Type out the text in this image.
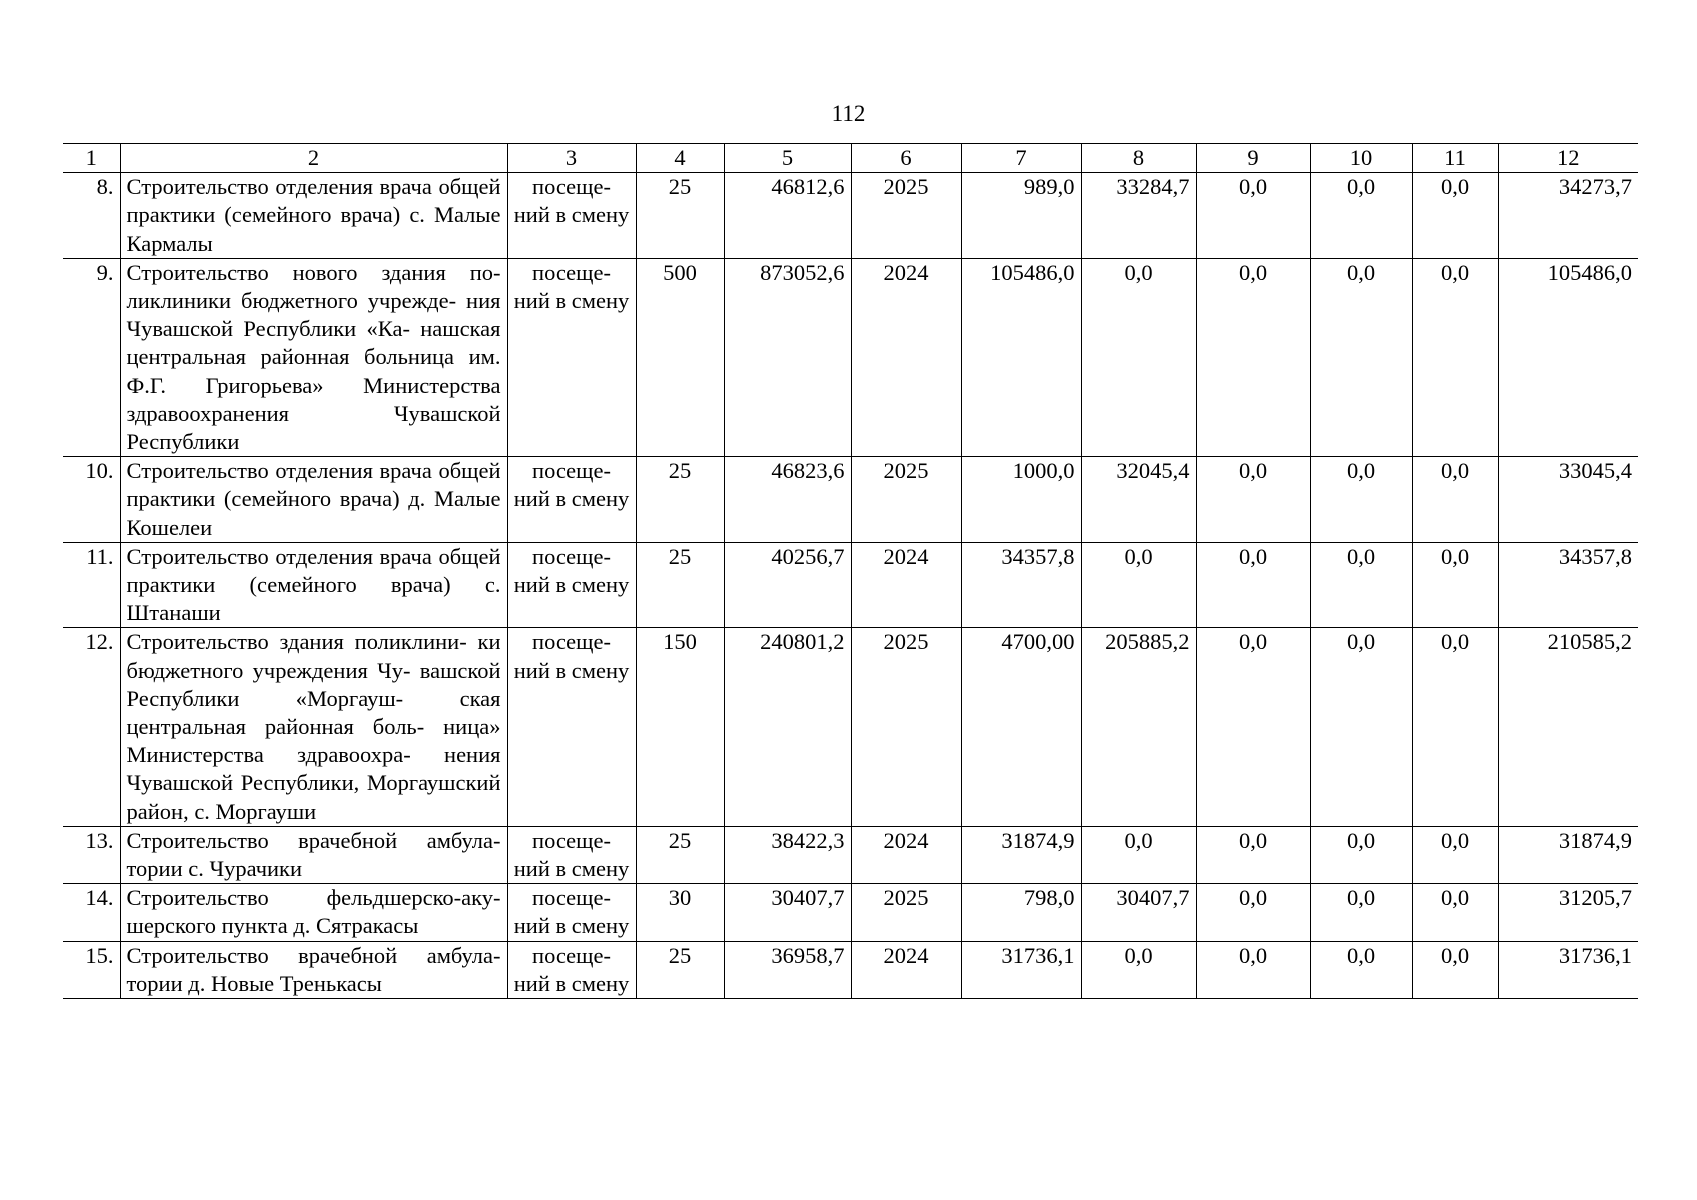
112
1	2	3	4	5	6	7	8	9	10	11	12
8.	Строительство отделения врача общей практики (семейного врача) с. Малые Кармалы	посеще- ний в смену	25	46812,6	2025	989,0	33284,7	0,0	0,0	0,0	34273,7
9.	Строительство нового здания по- ликлиники бюджетного учрежде- ния Чувашской Республики «Ка- нашская центральная районная больница им. Ф.Г. Григорьева» Министерства здравоохранения Чувашской Республики	посеще- ний в смену	500	873052,6	2024	105486,0	0,0	0,0	0,0	0,0	105486,0
10.	Строительство отделения врача общей практики (семейного врача) д. Малые Кошелеи	посеще- ний в смену	25	46823,6	2025	1000,0	32045,4	0,0	0,0	0,0	33045,4
11.	Строительство отделения врача общей практики (семейного врача) с. Штанаши	посеще- ний в смену	25	40256,7	2024	34357,8	0,0	0,0	0,0	0,0	34357,8
12.	Строительство здания поликлини- ки бюджетного учреждения Чу- вашской Республики «Моргауш- ская центральная районная боль- ница» Министерства здравоохра- нения Чувашской Республики, Моргаушский район, с. Моргауши	посеще- ний в смену	150	240801,2	2025	4700,00	205885,2	0,0	0,0	0,0	210585,2
13.	Строительство врачебной амбула- тории с. Чурачики	посеще- ний в смену	25	38422,3	2024	31874,9	0,0	0,0	0,0	0,0	31874,9
14.	Строительство фельдшерско-аку- шерского пункта д. Сятракасы	посеще- ний в смену	30	30407,7	2025	798,0	30407,7	0,0	0,0	0,0	31205,7
15.	Строительство врачебной амбула- тории д. Новые Тренькасы	посеще- ний в смену	25	36958,7	2024	31736,1	0,0	0,0	0,0	0,0	31736,1
